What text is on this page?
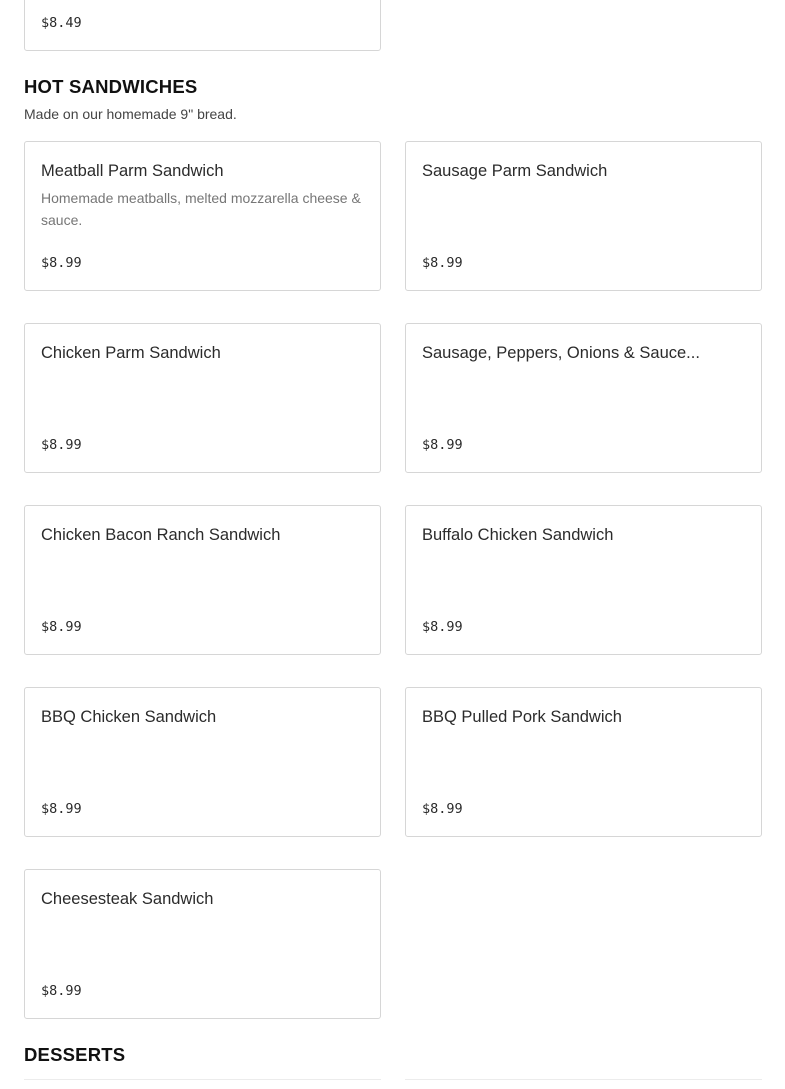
$8.49
HOT SANDWICHES
Made on our homemade 9" bread.
Meatball Parm Sandwich
Homemade meatballs, melted mozzarella cheese & sauce.
$8.99
Sausage Parm Sandwich
$8.99
Chicken Parm Sandwich
$8.99
Sausage, Peppers, Onions & Sauce...
$8.99
Chicken Bacon Ranch Sandwich
$8.99
Buffalo Chicken Sandwich
$8.99
BBQ Chicken Sandwich
$8.99
BBQ Pulled Pork Sandwich
$8.99
Cheesesteak Sandwich
$8.99
DESSERTS
